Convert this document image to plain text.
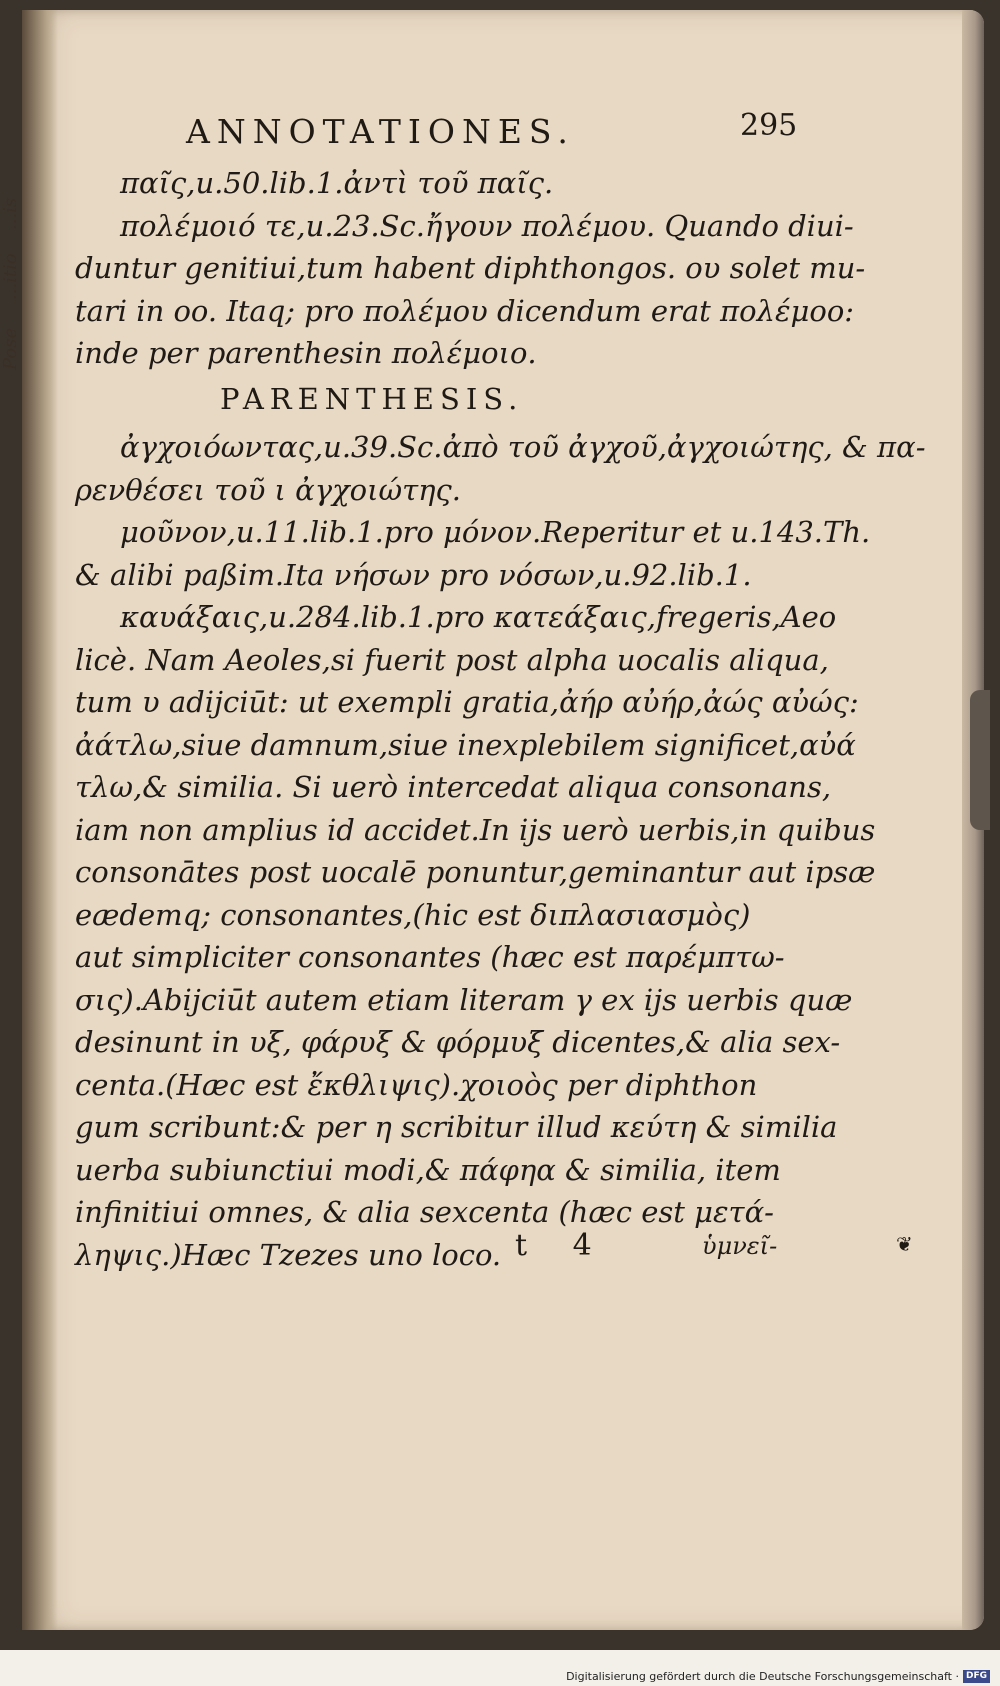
...is
...itio
Pose
ANNOTATIONES.	295
παῖς,u.50.lib.1.ἀντὶ τοῦ παῖς.
πολέμοιό τε,u.23.Sc.ἤγουν πολέμου. Quando diui-
duntur genitiui,tum habent diphthongos. ου solet mu-
tari in oo. Itaq; pro πολέμου dicendum erat πολέμοο:
inde per parenthesin πολέμοιο.
PARENTHESIS.
ἀγχοιόωντας,u.39.Sc.ἀπὸ τοῦ ἀγχοῦ,ἀγχοιώτης, & πα-
ρενθέσει τοῦ ι ἀγχοιώτης.
μοῦνον,u.11.lib.1.pro μόνον.Reperitur et u.143.Th.
& alibi paßim.Ita νήσων pro νόσων,u.92.lib.1.
καυάξαις,u.284.lib.1.pro κατεάξαις,fregeris,Aeo
licè. Nam Aeoles,si fuerit post alpha uocalis aliqua,
tum υ adijciūt: ut exempli gratia,ἀήρ αὐήρ,ἀώς αὐώς:
ἀάτλω,siue damnum,siue inexplebilem significet,αὐά
τλω,& similia. Si uerò intercedat aliqua consonans,
iam non amplius id accidet.In ijs uerò uerbis,in quibus
consonātes post uocalē ponuntur,geminantur aut ipsæ
eædemq; consonantes,(hic est διπλασιασμὸς)
aut simpliciter consonantes (hæc est παρέμπτω-
σις).Abijciūt autem etiam literam γ ex ijs uerbis quæ
desinunt in υξ, φάρυξ & φόρμυξ dicentes,& alia sex-
centa.(Hæc est ἔκθλιψις).χοιοὸς per diphthon
gum scribunt:& per η scribitur illud κεύτη & similia
uerba subiunctiui modi,& πάφηα & similia, item
infinitiui omnes, & alia sexcenta (hæc est μετά-
ληψις.)Hæc Tzezes uno loco. t 4	ὑμνεῖ-	❦
Digitalisierung gefördert durch die Deutsche Forschungsgemeinschaft · DFG
